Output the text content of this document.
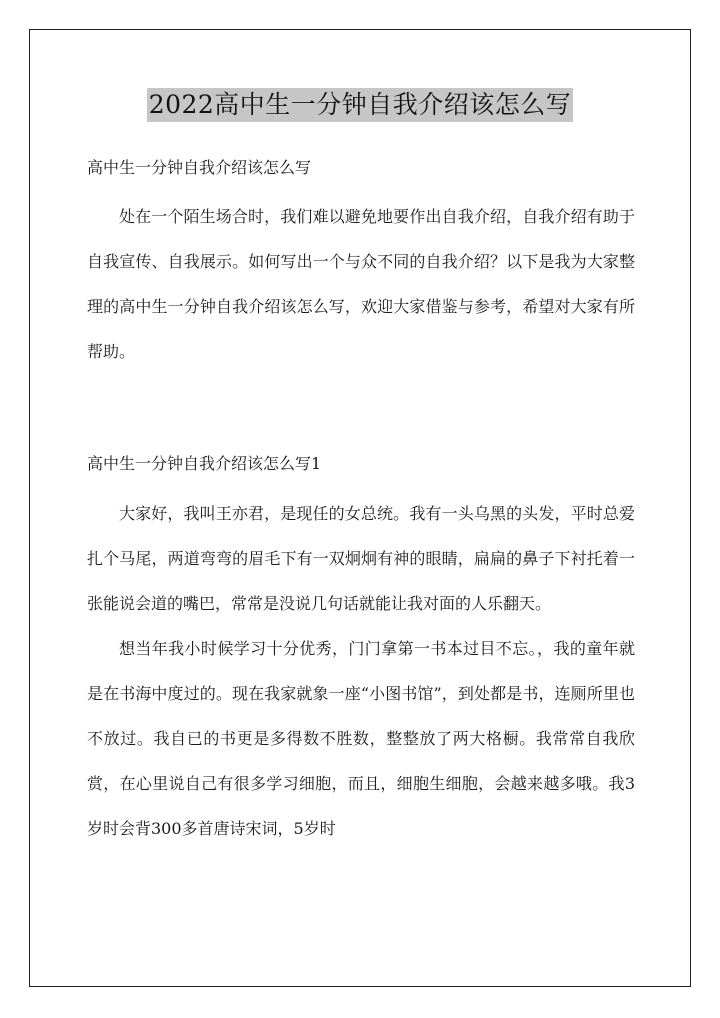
2022高中生一分钟自我介绍该怎么写

高中生一分钟自我介绍该怎么写

处在一个陌生场合时，我们难以避免地要作出自我介绍，自我介绍有助于自我宣传、自我展示。如何写出一个与众不同的自我介绍？以下是我为大家整理的高中生一分钟自我介绍该怎么写，欢迎大家借鉴与参考，希望对大家有所帮助。

高中生一分钟自我介绍该怎么写1

大家好，我叫王亦君，是现任的女总统。我有一头乌黑的头发，平时总爱扎个马尾，两道弯弯的眉毛下有一双炯炯有神的眼睛，扁扁的鼻子下衬托着一张能说会道的嘴巴，常常是没说几句话就能让我对面的人乐翻天。

想当年我小时候学习十分优秀，门门拿第一书本过目不忘。，我的童年就是在书海中度过的。现在我家就象一座“小图书馆”，到处都是书，连厕所里也不放过。我自已的书更是多得数不胜数，整整放了两大格橱。我常常自我欣赏，在心里说自己有很多学习细胞，而且，细胞生细胞，会越来越多哦。我3岁时会背300多首唐诗宋词，5岁时
